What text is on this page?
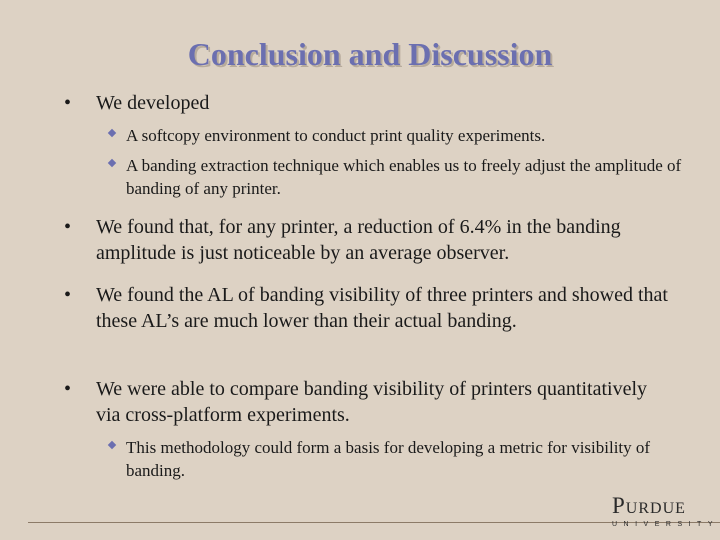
Conclusion and Discussion
• We developed
A softcopy environment to conduct print quality experiments.
A banding extraction technique which enables us to freely adjust the amplitude of banding of any printer.
• We found that, for any printer, a reduction of 6.4% in the banding amplitude is just noticeable by an average observer.
• We found the AL of banding visibility of three printers and showed that these AL’s are much lower than their actual banding.
• We were able to compare banding visibility of printers quantitatively via cross-platform experiments.
This methodology could form a basis for developing a metric for visibility of banding.
Purdue
UNIVERSITY
